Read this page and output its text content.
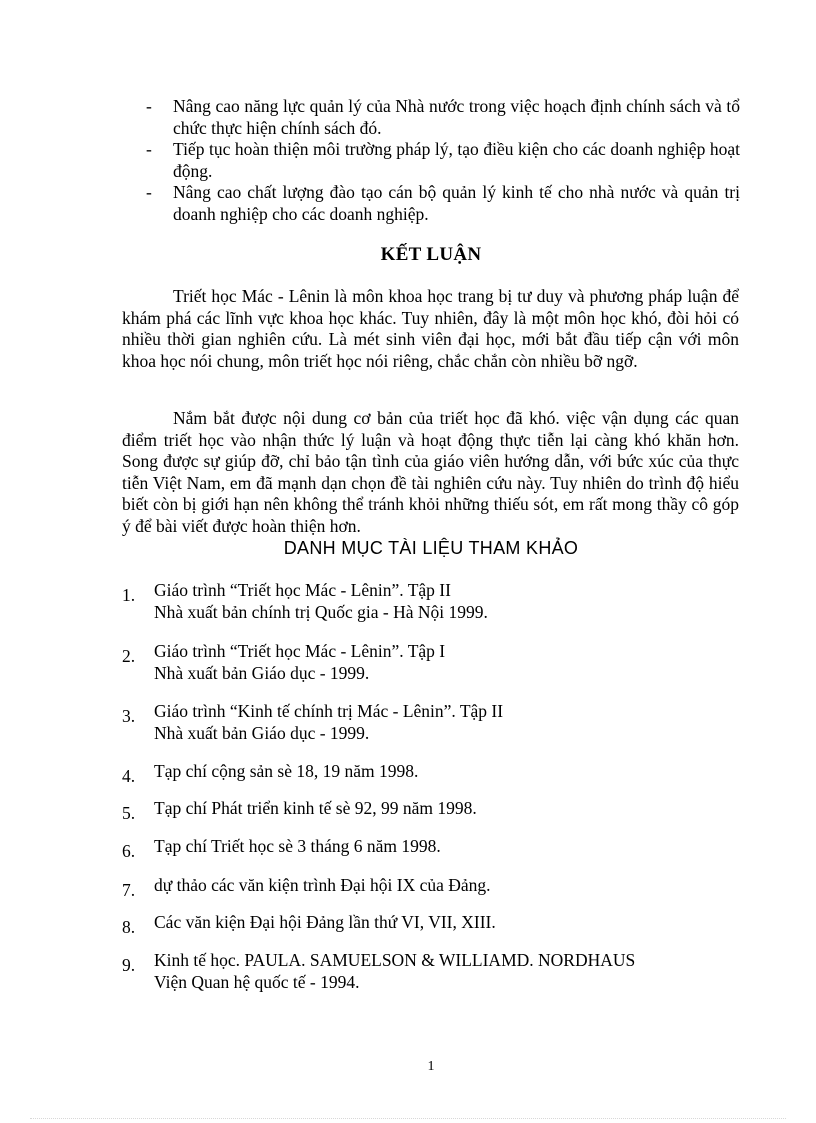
- Nâng cao năng lực quản lý của Nhà nước trong việc hoạch định chính sách và tổ chức thực hiện chính sách đó.
- Tiếp tục hoàn thiện môi trường pháp lý, tạo điều kiện cho các doanh nghiệp hoạt động.
- Nâng cao chất lượng đào tạo cán bộ quản lý kinh tế cho nhà nước và quản trị doanh nghiệp cho các doanh nghiệp.
KẾT LUẬN

Triết học Mác - Lênin là môn khoa học trang bị tư duy và phương pháp luận để khám phá các lĩnh vực khoa học khác. Tuy nhiên, đây là một môn học khó, đòi hỏi có nhiều thời gian nghiên cứu. Là mét sinh viên đại học, mới bắt đầu tiếp cận với môn khoa học nói chung, môn triết học nói riêng, chắc chắn còn nhiều bỡ ngỡ.

Nắm bắt được nội dung cơ bản của triết học đã khó. việc vận dụng các quan điểm triết học vào nhận thức lý luận và hoạt động thực tiễn lại càng khó khăn hơn. Song được sự giúp đỡ, chỉ bảo tận tình của giáo viên hướng dẫn, với bức xúc của thực tiễn Việt Nam, em đã mạnh dạn chọn đề tài nghiên cứu này. Tuy nhiên do trình độ hiểu biết còn bị giới hạn nên không thể tránh khỏi những thiếu sót, em rất mong thầy cô góp ý để bài viết được hoàn thiện hơn.

DANH MỤC TÀI LIỆU THAM KHẢO
1. Giáo trình “Triết học Mác - Lênin”. Tập II
Nhà xuất bản chính trị Quốc gia - Hà Nội 1999.
2. Giáo trình “Triết học Mác - Lênin”. Tập I
Nhà xuất bản Giáo dục - 1999.
3. Giáo trình “Kinh tế chính trị Mác - Lênin”. Tập II
Nhà xuất bản Giáo dục - 1999.
4. Tạp chí cộng sản sè 18, 19 năm 1998.
5. Tạp chí Phát triển kinh tế sè 92, 99 năm 1998.
6. Tạp chí Triết học sè 3 tháng 6 năm 1998.
7. dự thảo các văn kiện trình Đại hội IX của Đảng.
8. Các văn kiện Đại hội Đảng lần thứ VI, VII, XIII.
9. Kinh tế học. PAULA. SAMUELSON & WILLIAMD. NORDHAUS
Viện Quan hệ quốc tế - 1994.
1
